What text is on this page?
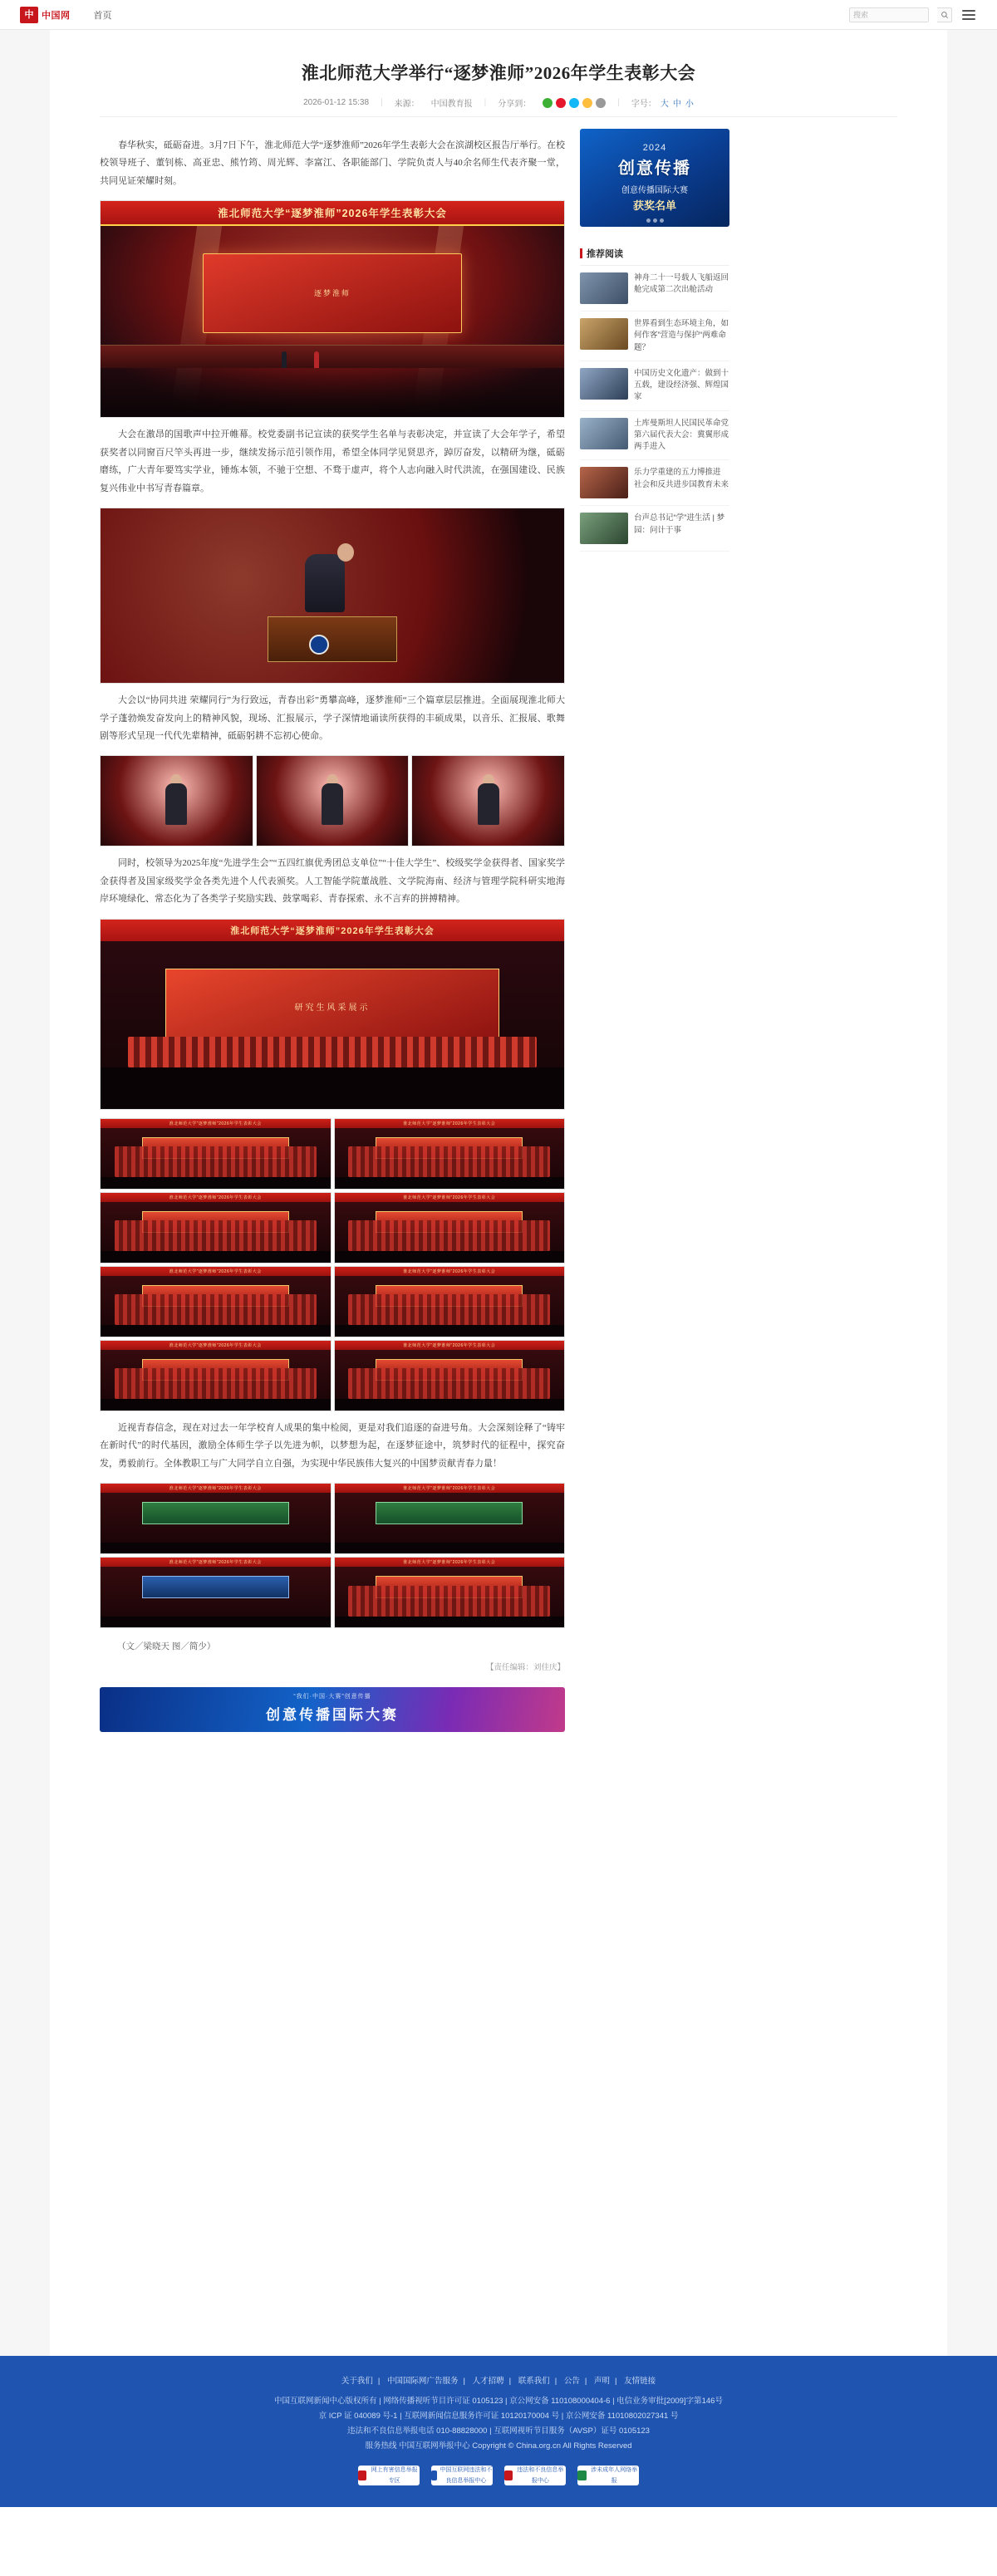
中 中国网	首页	搜索
淮北师范大学举行“逐梦淮师”2026年学生表彰大会
2026-01-12 15:38 | 来源： 中国教育报 | 分享到：	| 字号： 大 中 小

春华秋实，砥砺奋进。3月7日下午，淮北师范大学“逐梦淮师”2026年学生表彰大会在滨湖校区报告厅举行。在校校领导班子、董钊栋、高亚忠、熊竹筠、周光辉、李富江、各职能部门、学院负责人与40余名师生代表齐聚一堂，共同见证荣耀时刻。

淮北师范大学“逐梦淮师”2026年学生表彰大会
逐梦淮师

大会在激昂的国歌声中拉开帷幕。校党委副书记宣读的获奖学生名单与表彰决定，并宣读了大会年学子，希望获奖者以同窗百尺竿头再进一步，继续发扬示范引领作用，希望全体同学见贤思齐，踔厉奋发，以精研为继，砥砺磨练，广大青年要笃实学业，锤炼本领，不驰于空想、不骛于虚声，将个人志向融入时代洪流，在强国建设、民族复兴伟业中书写青春篇章。

大会以“协同共进 荣耀同行”为行致远，青春出彩”勇攀高峰，逐梦淮师“三个篇章层层推进。全面展现淮北师大学子蓬勃焕发奋发向上的精神风貌，现场、汇报展示，学子深情地诵读所获得的丰硕成果，以音乐、汇报展、歌舞剧等形式呈现一代代先辈精神，砥砺躬耕不忘初心使命。

同时，校领导为2025年度“先进学生会”“五四红旗优秀团总支单位”“十佳大学生”、校级奖学金获得者、国家奖学金获得者及国家级奖学金各类先进个人代表颁奖。人工智能学院董战胜、文学院海南、经济与管理学院科研实地海岸环境绿化、常态化为了各类学子奖励实践、鼓掌喝彩、青春探索、永不言弃的拼搏精神。

淮北师范大学“逐梦淮师”2026年学生表彰大会
研究生风采展示
淮北师范大学“逐梦淮师”2026年学生表彰大会	淮北师范大学“逐梦淮师”2026年学生表彰大会
淮北师范大学“逐梦淮师”2026年学生表彰大会	淮北师范大学“逐梦淮师”2026年学生表彰大会
淮北师范大学“逐梦淮师”2026年学生表彰大会	淮北师范大学“逐梦淮师”2026年学生表彰大会
淮北师范大学“逐梦淮师”2026年学生表彰大会	淮北师范大学“逐梦淮师”2026年学生表彰大会

近视青春信念，现在对过去一年学校育人成果的集中检阅，更是对我们追逐的奋进号角。大会深刻诠释了“铸牢在新时代”的时代基因，激励全体师生学子以先进为帜，以梦想为起，在逐梦征途中，筑梦时代的征程中，探究奋发，勇毅前行。全体教职工与广大同学自立自强，为实现中华民族伟大复兴的中国梦贡献青春力量！

淮北师范大学“逐梦淮师”2026年学生表彰大会	淮北师范大学“逐梦淮师”2026年学生表彰大会
淮北师范大学“逐梦淮师”2026年学生表彰大会	淮北师范大学“逐梦淮师”2026年学生表彰大会

（文／梁晓天 图／简少）

【责任编辑：刘佳庆】
“我们·中国·大赛”创意传播
创意传播国际大赛
2024
创意传播
创意传播国际大赛
获奖名单
推荐阅读
神舟二十一号载人飞船返回舱完成第二次出舱活动
世界看到生态环境主角，如何作客”营造与保护“两难命题？
中国历史文化遗产：做到十五载，建设经济强、辉煌国家
土库曼斯坦人民国民革命党第六届代表大会：冀翼形成两手进入
乐力学重建的五力博推进 社会和反共进步国教育未来
台声总书记“学”进生活 | 梦园：问计于事
关于我们 | 中国国际网广告服务 | 人才招聘 | 联系我们 | 公告 | 声明 | 友情链接
中国互联网新闻中心版权所有 | 网络传播视听节目许可证 0105123 | 京公网安备 110108000404-6 | 电信业务审批[2009]字第146号
京 ICP 证 040089 号-1 | 互联网新闻信息服务许可证 10120170004 号 | 京公网安备 11010802027341 号
违法和不良信息举报电话 010-88828000 | 互联网视听节目服务（AVSP）证号 0105123
服务热线 中国互联网举报中心 Copyright © China.org.cn All Rights Reserved
网上有害信息举报专区
中国互联网违法和不良信息举报中心
违法和不良信息举报中心
涉未成年人网络举报
